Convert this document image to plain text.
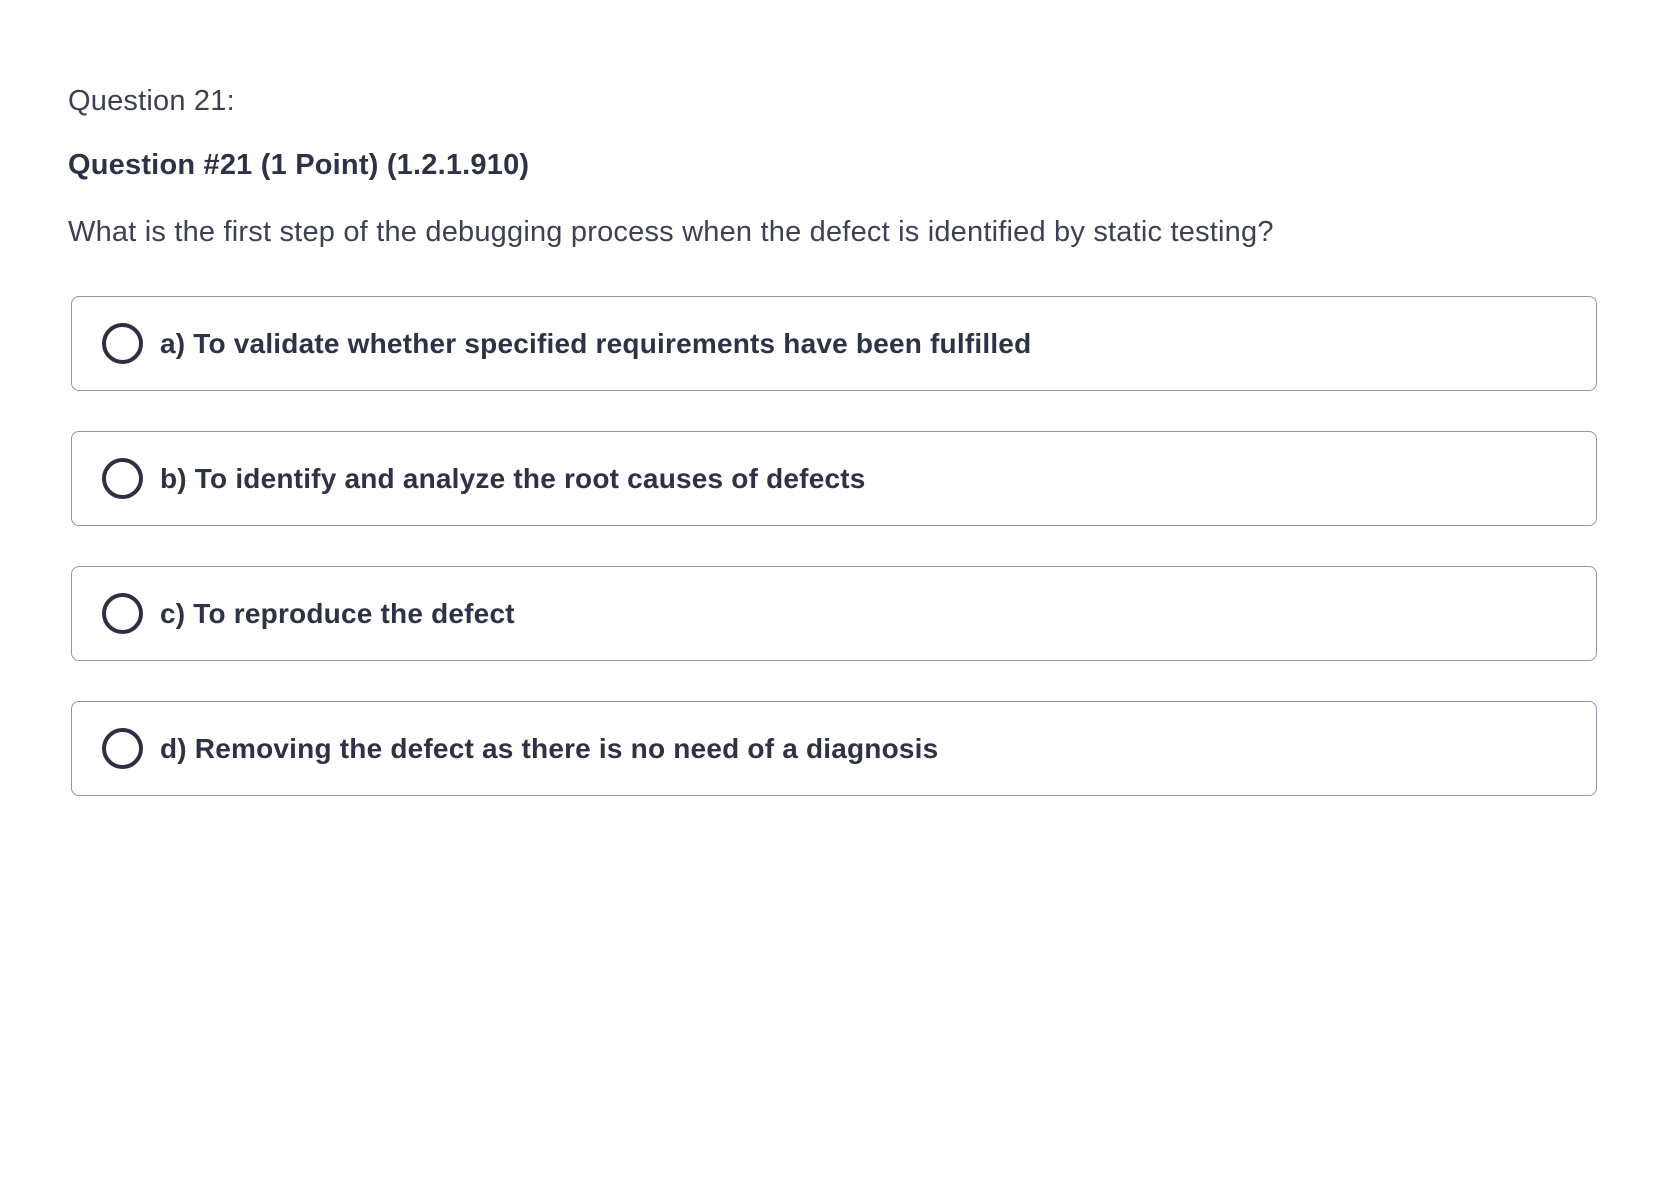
Question 21:
Question #21 (1 Point) (1.2.1.910)
What is the first step of the debugging process when the defect is identified by static testing?
a) To validate whether specified requirements have been fulfilled
b) To identify and analyze the root causes of defects
c) To reproduce the defect
d) Removing the defect as there is no need of a diagnosis
